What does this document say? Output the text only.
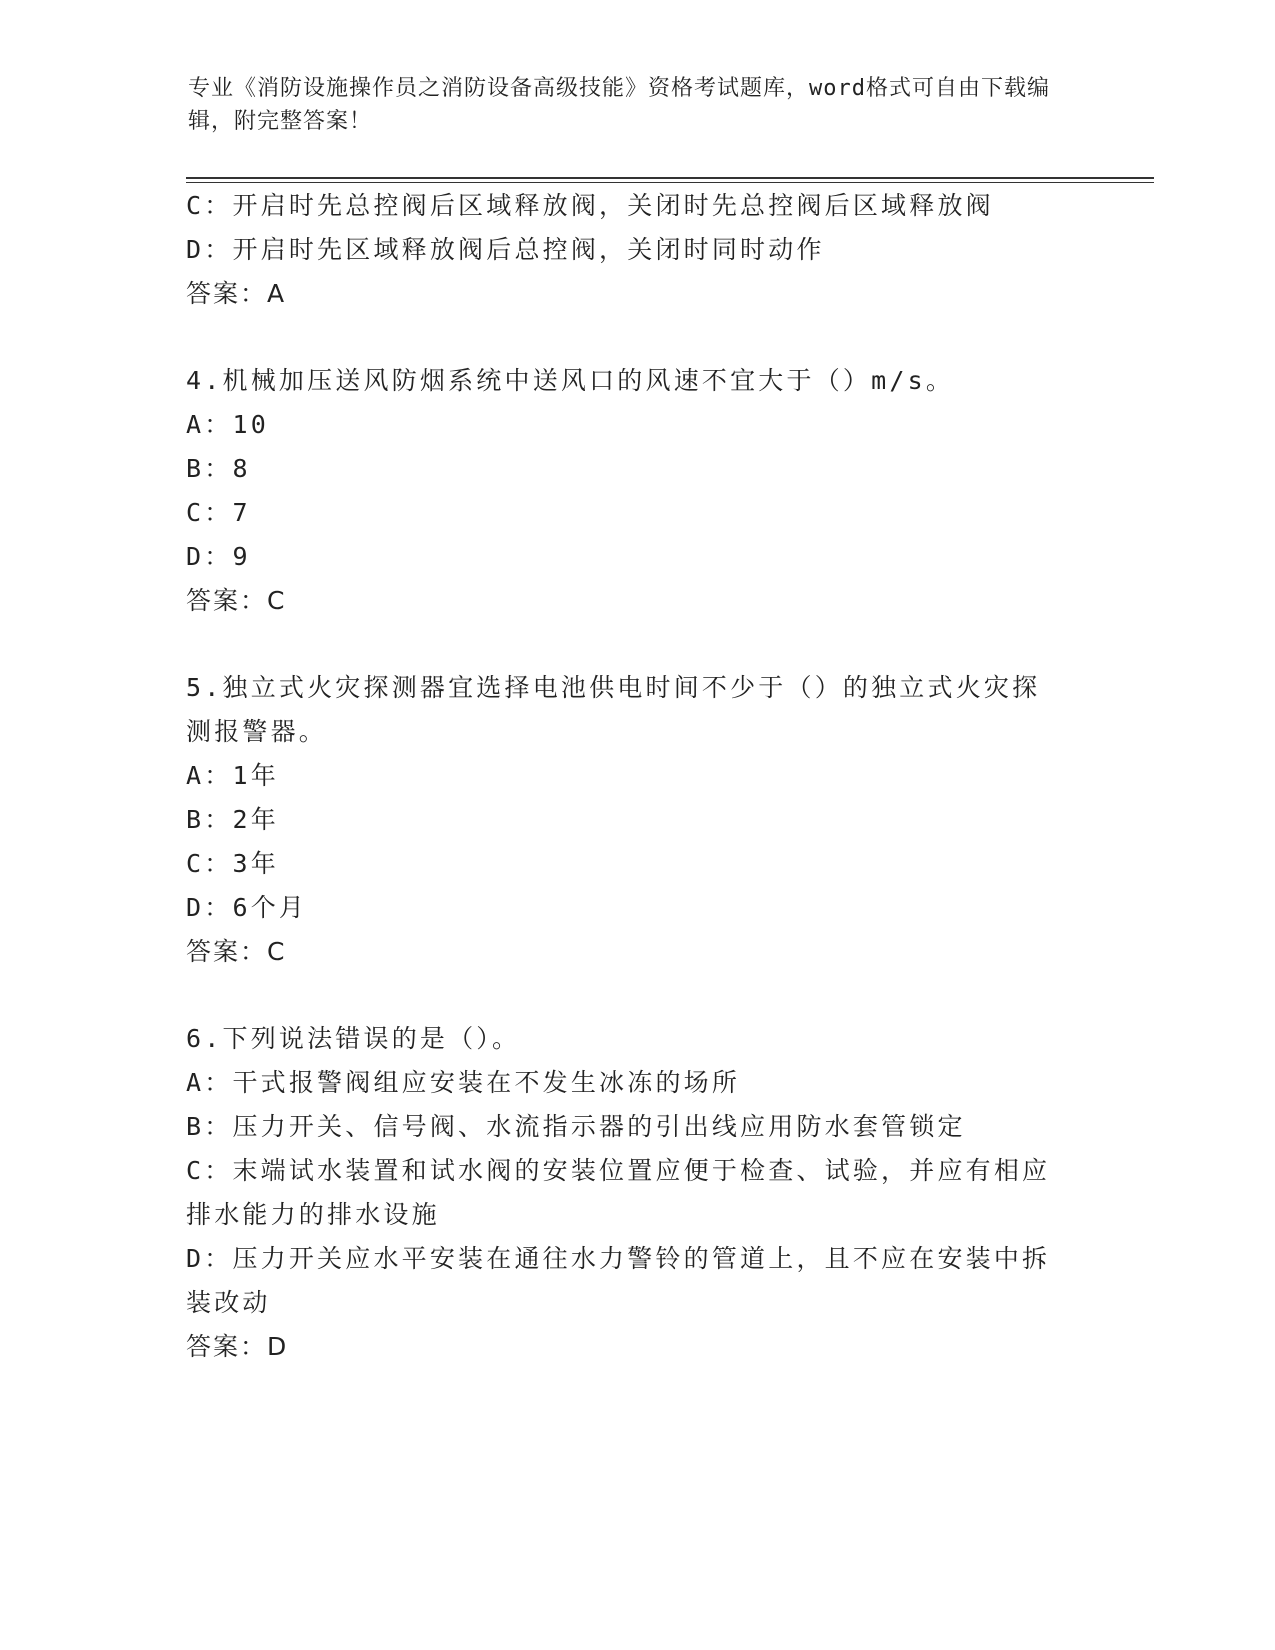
专业《消防设施操作员之消防设备高级技能》资格考试题库，word格式可自由下载编辑，附完整答案！
C：开启时先总控阀后区域释放阀，关闭时先总控阀后区域释放阀
D：开启时先区域释放阀后总控阀，关闭时同时动作
答案：A
4.机械加压送风防烟系统中送风口的风速不宜大于（）m/s。
A：10
B：8
C：7
D：9
答案：C
5.独立式火灾探测器宜选择电池供电时间不少于（）的独立式火灾探
测报警器。
A：1年
B：2年
C：3年
D：6个月
答案：C
6.下列说法错误的是（）。
A：干式报警阀组应安装在不发生冰冻的场所
B：压力开关、信号阀、水流指示器的引出线应用防水套管锁定
C：末端试水装置和试水阀的安装位置应便于检查、试验，并应有相应
排水能力的排水设施
D：压力开关应水平安装在通往水力警铃的管道上，且不应在安装中拆
装改动
答案：D
